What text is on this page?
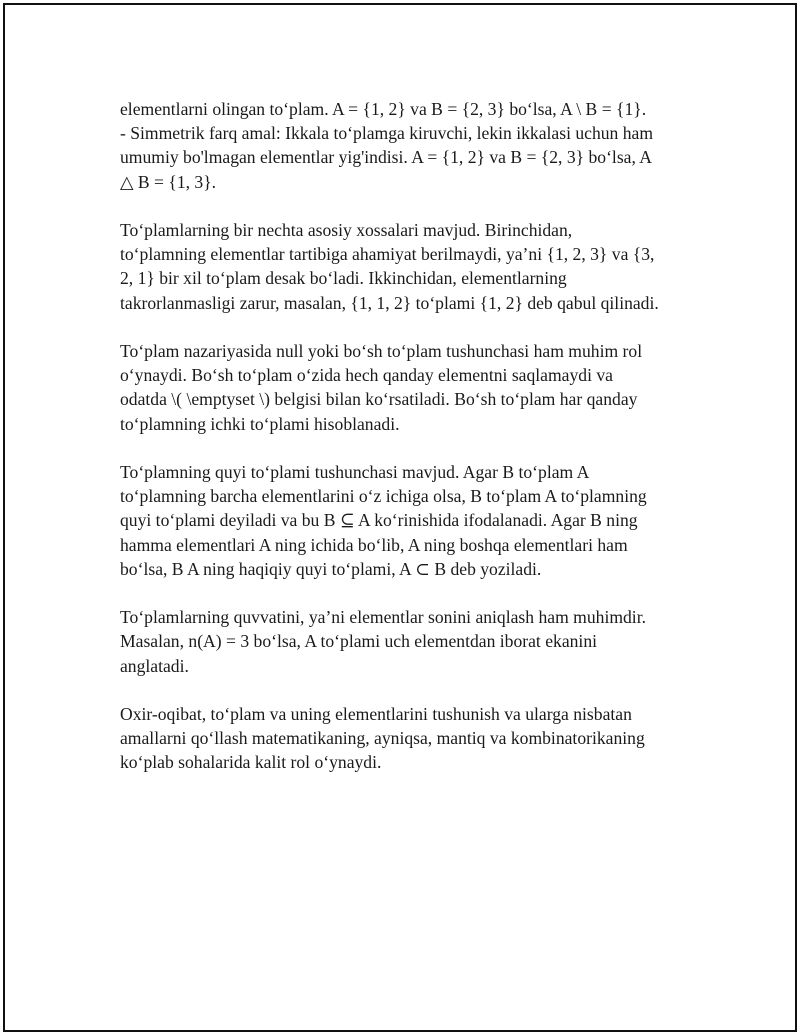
elementlarni olingan to‘plam. A = {1, 2} va B = {2, 3} bo‘lsa, A \ B = {1}.
- Simmetrik farq amal: Ikkala to‘plamga kiruvchi, lekin ikkalasi uchun ham
umumiy bo'lmagan elementlar yig'indisi. A = {1, 2} va B = {2, 3} bo‘lsa, A
△ B = {1, 3}.

To‘plamlarning bir nechta asosiy xossalari mavjud. Birinchidan,
to‘plamning elementlar tartibiga ahamiyat berilmaydi, ya’ni {1, 2, 3} va {3,
2, 1} bir xil to‘plam desak bo‘ladi. Ikkinchidan, elementlarning
takrorlanmasligi zarur, masalan, {1, 1, 2} to‘plami {1, 2} deb qabul qilinadi.

To‘plam nazariyasida null yoki bo‘sh to‘plam tushunchasi ham muhim rol
o‘ynaydi. Bo‘sh to‘plam o‘zida hech qanday elementni saqlamaydi va
odatda \( \emptyset \) belgisi bilan ko‘rsatiladi. Bo‘sh to‘plam har qanday
to‘plamning ichki to‘plami hisoblanadi.

To‘plamning quyi to‘plami tushunchasi mavjud. Agar B to‘plam A
to‘plamning barcha elementlarini o‘z ichiga olsa, B to‘plam A to‘plamning
quyi to‘plami deyiladi va bu B ⊆ A ko‘rinishida ifodalanadi. Agar B ning
hamma elementlari A ning ichida bo‘lib, A ning boshqa elementlari ham
bo‘lsa, B A ning haqiqiy quyi to‘plami, A ⊂ B deb yoziladi.

To‘plamlarning quvvatini, ya’ni elementlar sonini aniqlash ham muhimdir.
Masalan, n(A) = 3 bo‘lsa, A to‘plami uch elementdan iborat ekanini
anglatadi.

Oxir-oqibat, to‘plam va uning elementlarini tushunish va ularga nisbatan
amallarni qo‘llash matematikaning, ayniqsa, mantiq va kombinatorikaning
ko‘plab sohalarida kalit rol o‘ynaydi.
